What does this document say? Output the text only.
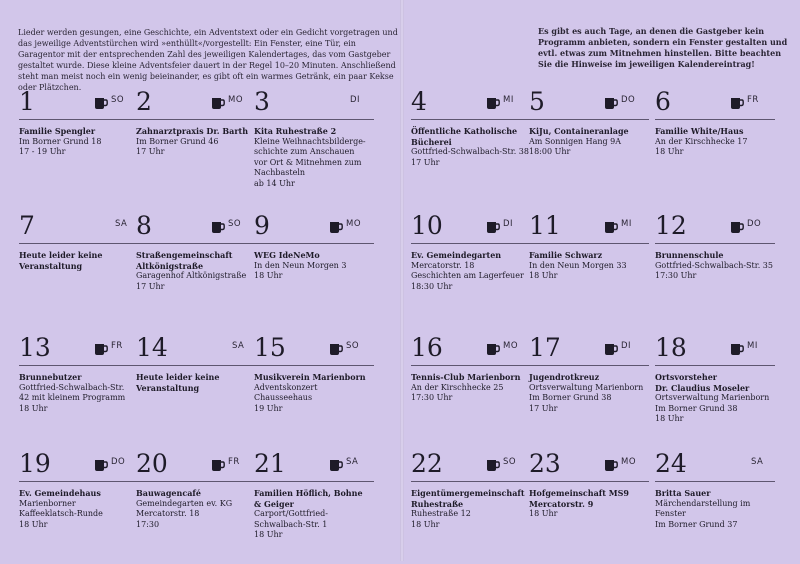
Lieder werden gesungen, eine Geschichte, ein Adventstext oder ein Gedicht vorgetragen und das jeweilige Adventstürchen wird »enthüllt«/vorgestellt: Ein Fenster, eine Tür, ein Garagentor mit der entsprechenden Zahl des jeweiligen Kalendertages, das vom Gastgeber gestaltet wurde. Diese kleine Adventsfeier dauert in der Regel 10–20 Minuten. Anschließend steht man meist noch ein wenig beieinander, es gibt oft ein warmes Getränk, ein paar Kekse oder Plätzchen.
Es gibt es auch Tage, an denen die Gastgeber kein Programm anbieten, sondern ein Fenster gestalten und evtl. etwas zum Mitnehmen hinstellen. Bitte beachten Sie die Hinweise im jeweiligen Kalendereintrag!
1	SO
Familie Spengler
Im Borner Grund 18
17 - 19 Uhr
2	MO
Zahnarztpraxis Dr. Barth
Im Borner Grund 46
17 Uhr
3	DI
Kita Ruhestraße 2
Kleine Weihnachtsbilderge-
schichte zum Anschauen
vor Ort & Mitnehmen zum
Nachbasteln
ab 14 Uhr
4	MI
Öffentliche Katholische
Bücherei
Gottfried-Schwalbach-Str. 38
17 Uhr
5	DO
KiJu, Containeranlage
Am Sonnigen Hang 9A
18:00 Uhr
6	FR
Familie White/Haus
An der Kirschhecke 17
18 Uhr
7	SA
Heute leider keine
Veranstaltung
8	SO
Straßengemeinschaft
Altkönigstraße
Garagenhof Altkönigstraße
17 Uhr
9	MO
WEG IdeNeMo
In den Neun Morgen 3
18 Uhr
10	DI
Ev. Gemeindegarten
Mercatorstr. 18
Geschichten am Lagerfeuer
18:30 Uhr
11	MI
Familie Schwarz
In den Neun Morgen 33
18 Uhr
12	DO
Brunnenschule
Gottfried-Schwalbach-Str. 35
17:30 Uhr
13	FR
Brunnebutzer
Gottfried-Schwalbach-Str.
42 mit kleinem Programm
18 Uhr
14	SA
Heute leider keine
Veranstaltung
15	SO
Musikverein Marienborn
Adventskonzert
Chausseehaus
19 Uhr
16	MO
Tennis-Club Marienborn
An der Kirschhecke 25
17:30 Uhr
17	DI
Jugendrotkreuz
Ortsverwaltung Marienborn
Im Borner Grund 38
17 Uhr
18	MI
Ortsvorsteher
Dr. Claudius Moseler
Ortsverwaltung Marienborn
Im Borner Grund 38
18 Uhr
19	DO
Ev. Gemeindehaus
Marienborner
Kaffeeklatsch-Runde
18 Uhr
20	FR
Bauwagencafé
Gemeindegarten ev. KG
Mercatorstr. 18
17:30
21	SA
Familien Höflich, Bohne
& Geiger
Carport/Gottfried-
Schwalbach-Str. 1
18 Uhr
22	SO
Eigentümergemeinschaft
Ruhestraße
Ruhestraße 12
18 Uhr
23	MO
Hofgemeinschaft MS9
Mercatorstr. 9
18 Uhr
24	SA
Britta Sauer
Märchendarstellung im
Fenster
Im Borner Grund 37
